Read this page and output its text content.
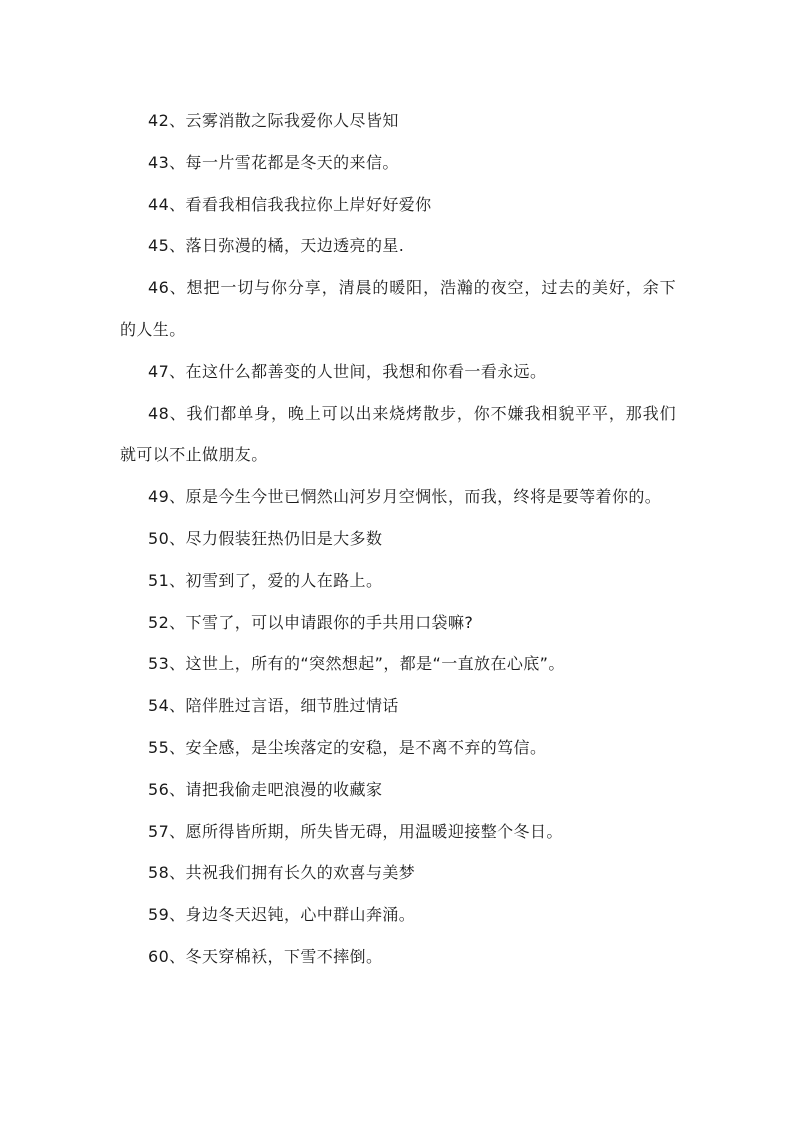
42、云雾消散之际我爱你人尽皆知

43、每一片雪花都是冬天的来信。

44、看看我相信我我拉你上岸好好爱你

45、落日弥漫的橘，天边透亮的星.

46、想把一切与你分享，清晨的暖阳，浩瀚的夜空，过去的美好，余下的人生。

47、在这什么都善变的人世间，我想和你看一看永远。

48、我们都单身，晚上可以出来烧烤散步，你不嫌我相貌平平，那我们就可以不止做朋友。

49、原是今生今世已惘然山河岁月空惆怅，而我，终将是要等着你的。

50、尽力假装狂热仍旧是大多数

51、初雪到了，爱的人在路上。

52、下雪了，可以申请跟你的手共用口袋嘛?

53、这世上，所有的“突然想起”，都是“一直放在心底”。

54、陪伴胜过言语，细节胜过情话

55、安全感，是尘埃落定的安稳，是不离不弃的笃信。

56、请把我偷走吧浪漫的收藏家

57、愿所得皆所期，所失皆无碍，用温暖迎接整个冬日。

58、共祝我们拥有长久的欢喜与美梦

59、身边冬天迟钝，心中群山奔涌。

60、冬天穿棉袄，下雪不摔倒。
